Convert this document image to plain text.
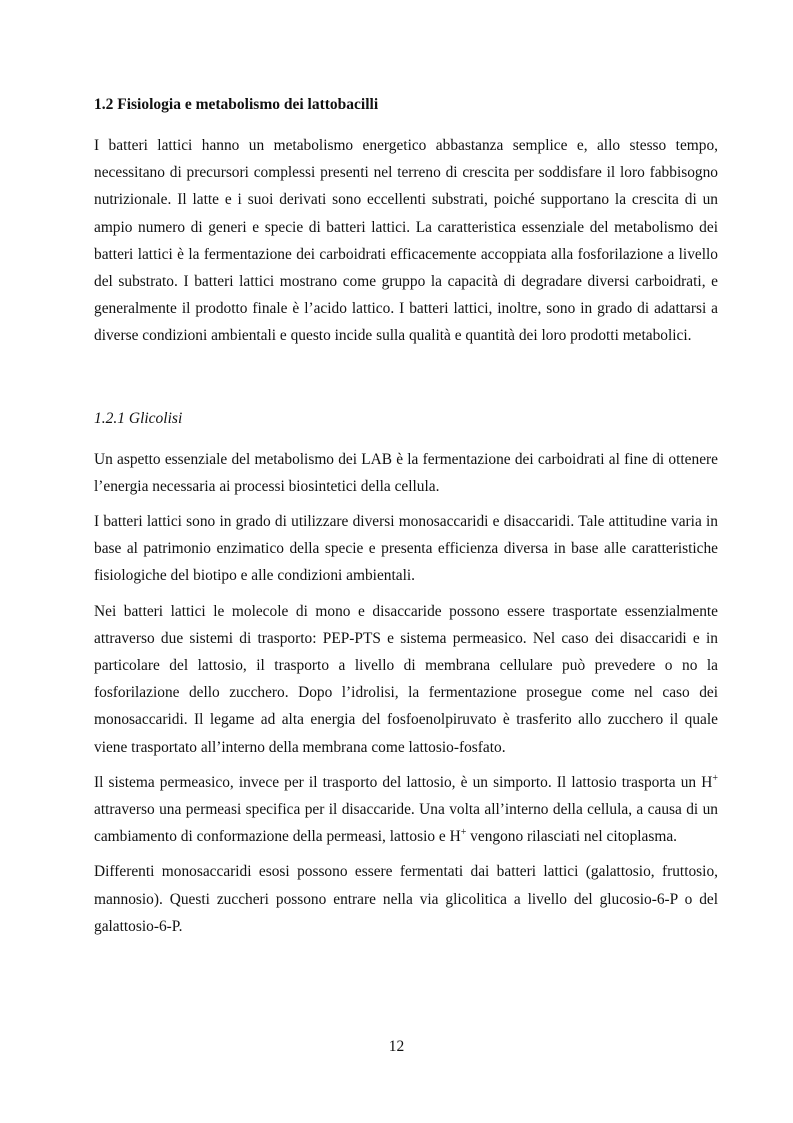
1.2 Fisiologia e metabolismo dei lattobacilli

I batteri lattici hanno un metabolismo energetico abbastanza semplice e, allo stesso tempo, necessitano di precursori complessi presenti nel terreno di crescita per soddisfare il loro fabbisogno nutrizionale. Il latte e i suoi derivati sono eccellenti substrati, poiché supportano la crescita di un ampio numero di generi e specie di batteri lattici. La caratteristica essenziale del metabolismo dei batteri lattici è la fermentazione dei carboidrati efficacemente accoppiata alla fosforilazione a livello del substrato. I batteri lattici mostrano come gruppo la capacità di degradare diversi carboidrati, e generalmente il prodotto finale è l’acido lattico. I batteri lattici, inoltre, sono in grado di adattarsi a diverse condizioni ambientali e questo incide sulla qualità e quantità dei loro prodotti metabolici.

1.2.1 Glicolisi

Un aspetto essenziale del metabolismo dei LAB è la fermentazione dei carboidrati al fine di ottenere l’energia necessaria ai processi biosintetici della cellula.

I batteri lattici sono in grado di utilizzare diversi monosaccaridi e disaccaridi. Tale attitudine varia in base al patrimonio enzimatico della specie e presenta efficienza diversa in base alle caratteristiche fisiologiche del biotipo e alle condizioni ambientali.

Nei batteri lattici le molecole di mono e disaccaride possono essere trasportate essenzialmente attraverso due sistemi di trasporto: PEP-PTS e sistema permeasico. Nel caso dei disaccaridi e in particolare del lattosio, il trasporto a livello di membrana cellulare può prevedere o no la fosforilazione dello zucchero. Dopo l’idrolisi, la fermentazione prosegue come nel caso dei monosaccaridi. Il legame ad alta energia del fosfoenolpiruvato è trasferito allo zucchero il quale viene trasportato all’interno della membrana come lattosio-fosfato.

Il sistema permeasico, invece per il trasporto del lattosio, è un simporto. Il lattosio trasporta un H+ attraverso una permeasi specifica per il disaccaride. Una volta all’interno della cellula, a causa di un cambiamento di conformazione della permeasi, lattosio e H+ vengono rilasciati nel citoplasma.

Differenti monosaccaridi esosi possono essere fermentati dai batteri lattici (galattosio, fruttosio, mannosio). Questi zuccheri possono entrare nella via glicolitica a livello del glucosio-6-P o del galattosio-6-P.

12
